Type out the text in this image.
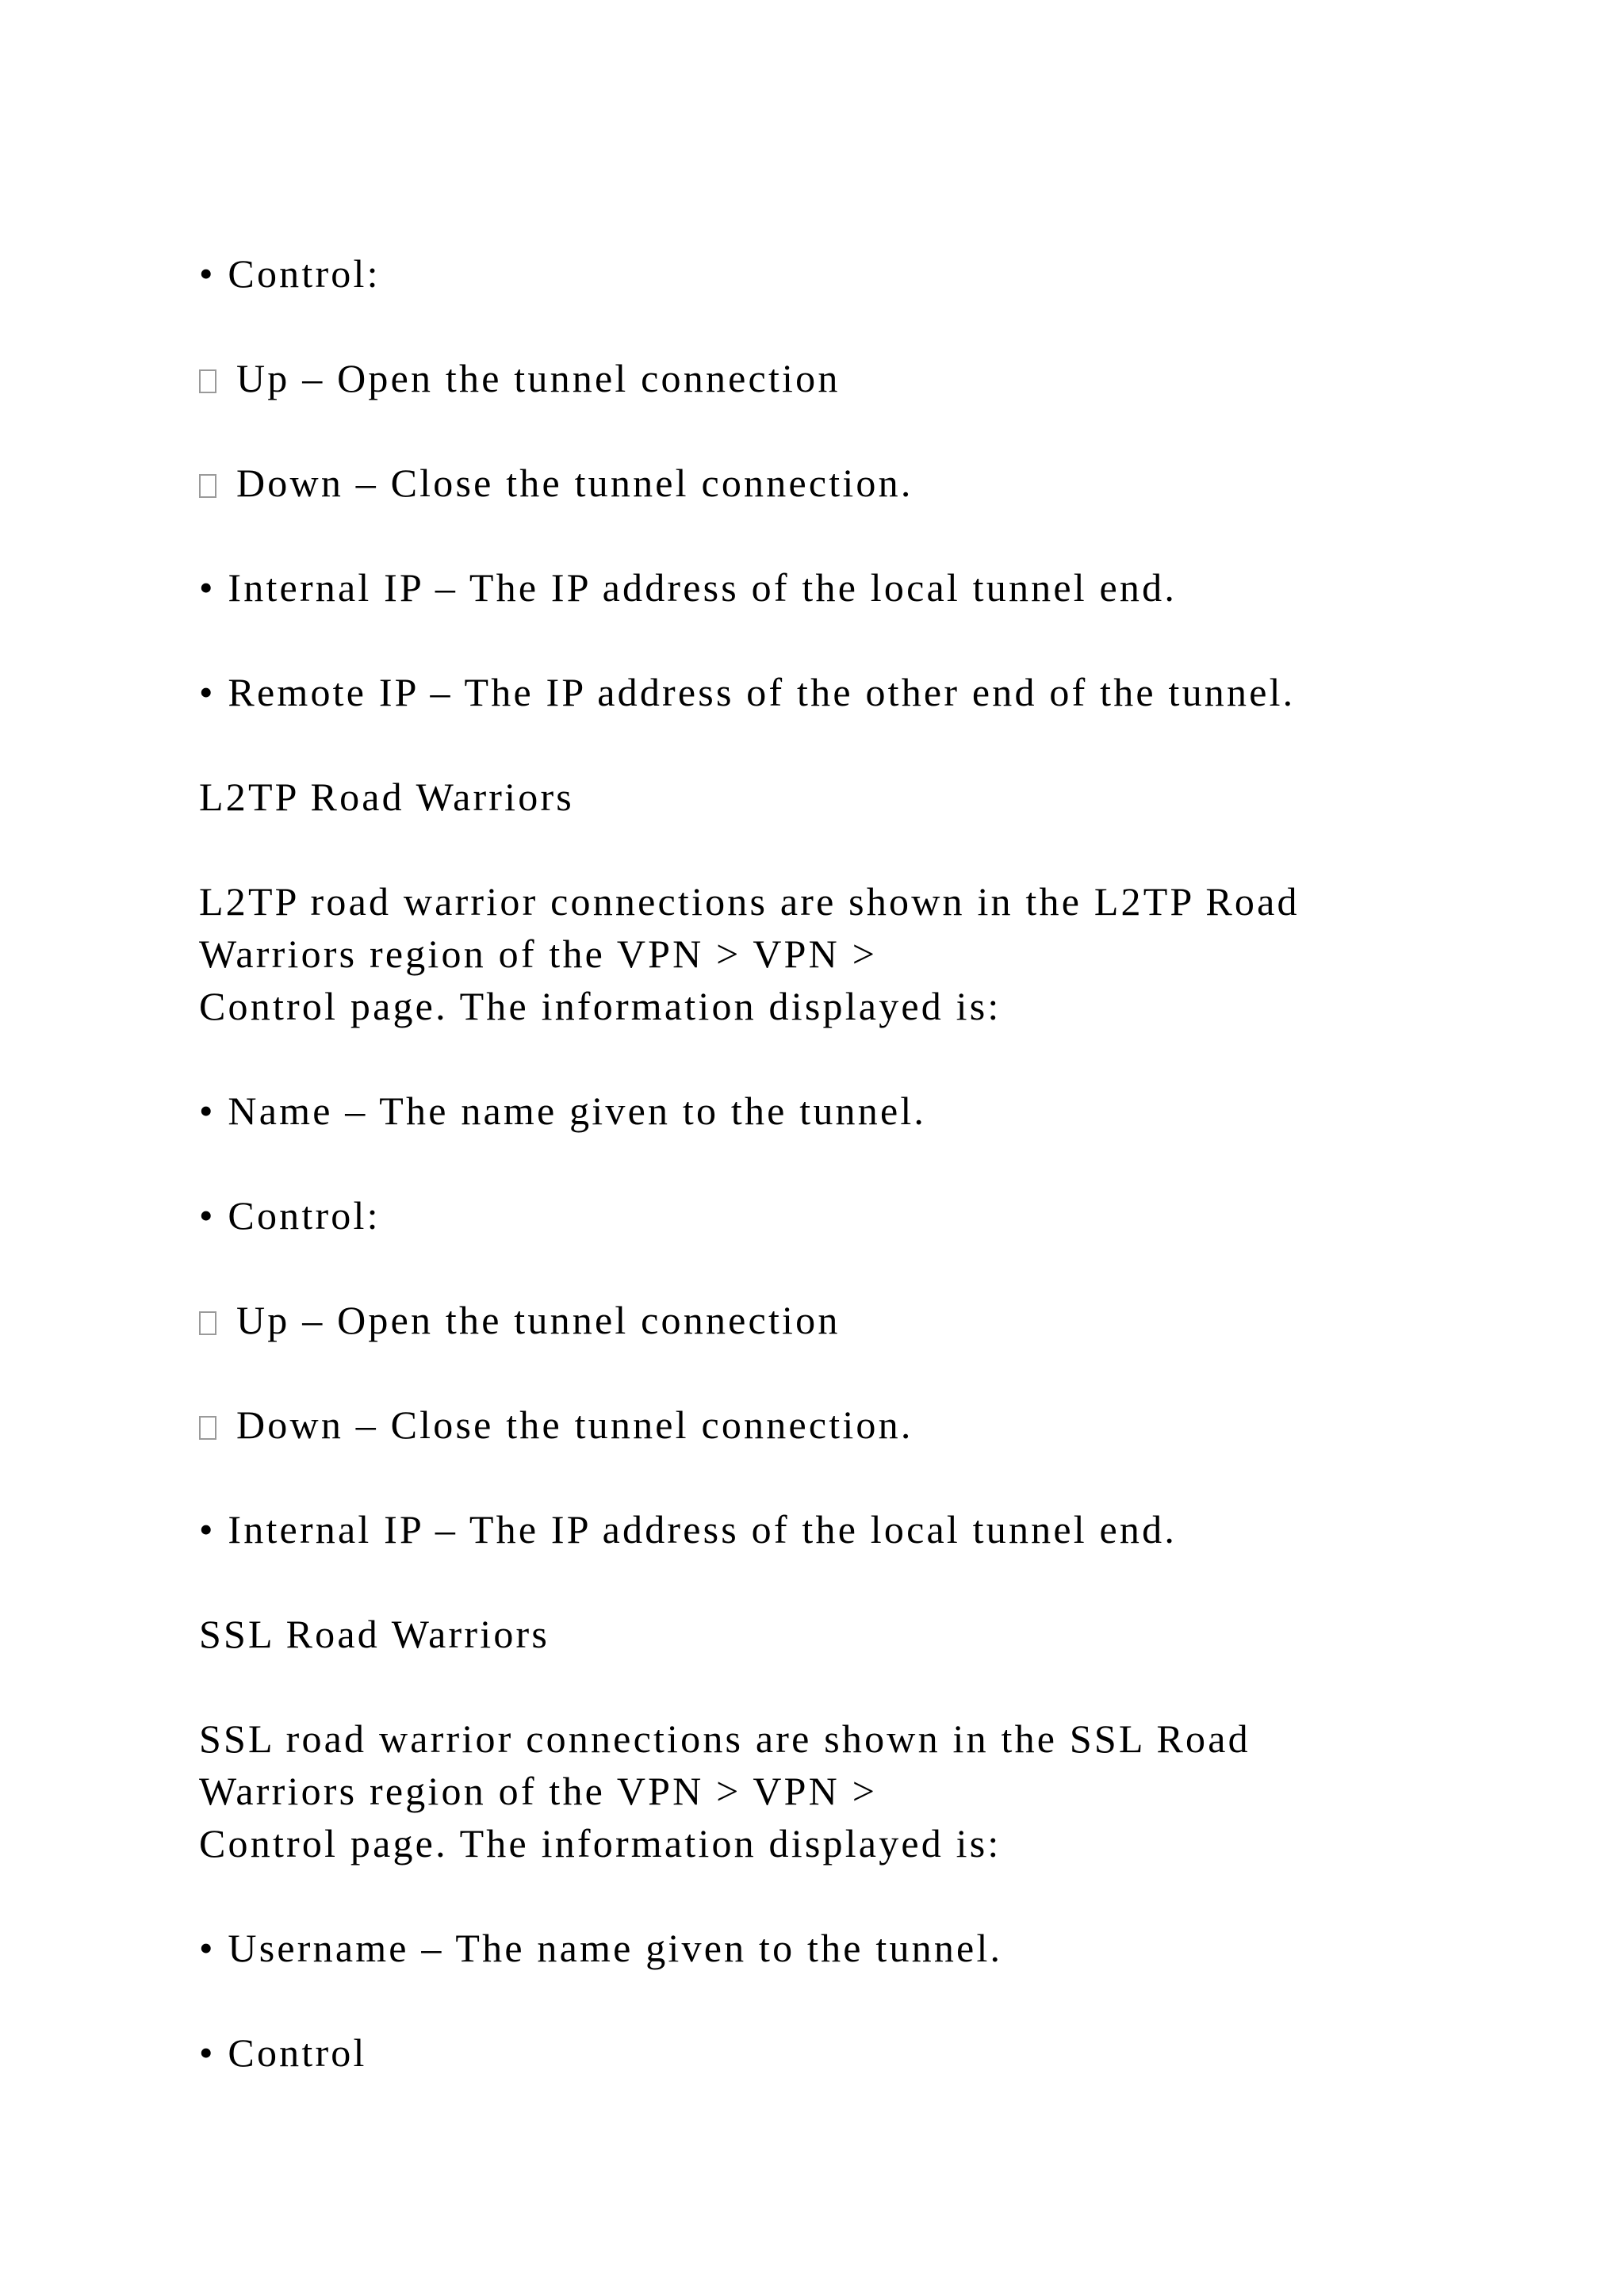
• Control:
Up – Open the tunnel connection
Down – Close the tunnel connection.
• Internal IP – The IP address of the local tunnel end.
• Remote IP – The IP address of the other end of the tunnel.
L2TP Road Warriors
L2TP road warrior connections are shown in the L2TP Road
Warriors region of the VPN > VPN >
Control page. The information displayed is:
• Name – The name given to the tunnel.
• Control:
Up – Open the tunnel connection
Down – Close the tunnel connection.
• Internal IP – The IP address of the local tunnel end.
SSL Road Warriors
SSL road warrior connections are shown in the SSL Road
Warriors region of the VPN > VPN >
Control page. The information displayed is:
• Username – The name given to the tunnel.
• Control
